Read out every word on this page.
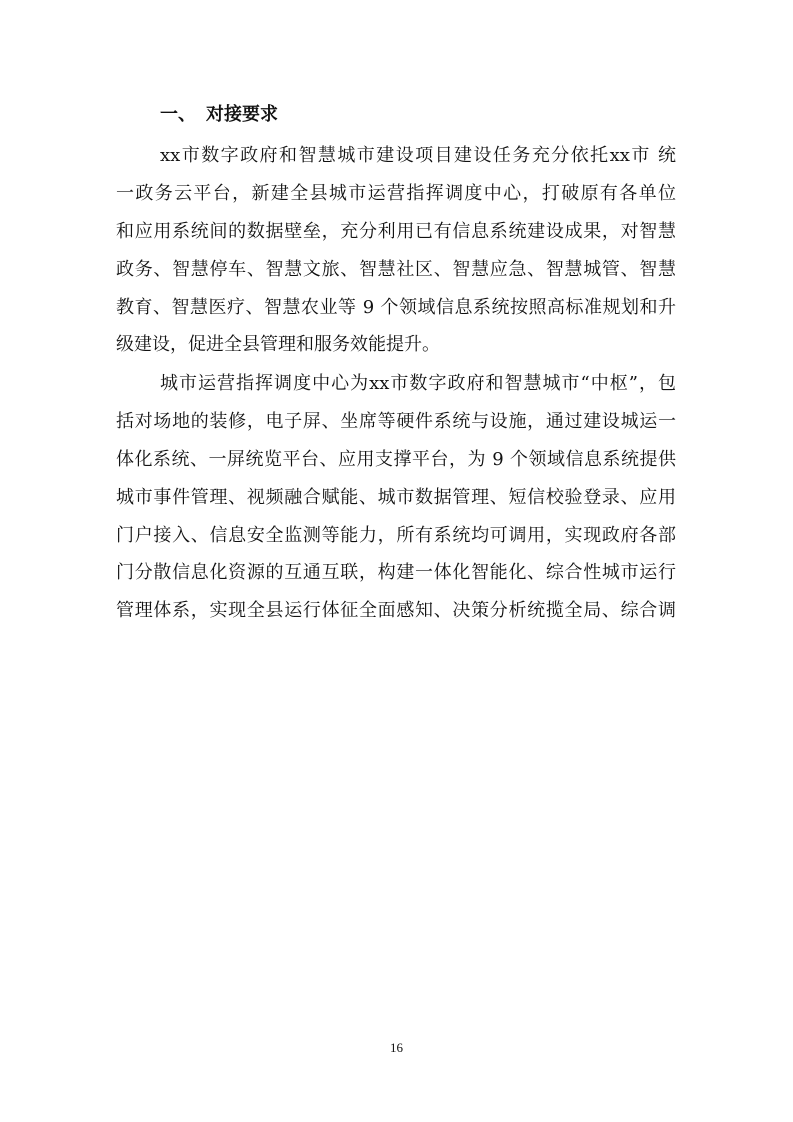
一、 对接要求
xx市数字政府和智慧城市建设项目建设任务充分依托xx市 统
一政务云平台，新建全县城市运营指挥调度中心，打破原有各单位
和应用系统间的数据壁垒，充分利用已有信息系统建设成果，对智慧
政务、智慧停车、智慧文旅、智慧社区、智慧应急、智慧城管、智慧
教育、智慧医疗、智慧农业等 9 个领域信息系统按照高标准规划和升
级建设，促进全县管理和服务效能提升。
城市运营指挥调度中心为xx市数字政府和智慧城市“中枢”，包
括对场地的装修，电子屏、坐席等硬件系统与设施，通过建设城运一
体化系统、一屏统览平台、应用支撑平台，为 9 个领域信息系统提供
城市事件管理、视频融合赋能、城市数据管理、短信校验登录、应用
门户接入、信息安全监测等能力，所有系统均可调用，实现政府各部
门分散信息化资源的互通互联，构建一体化智能化、综合性城市运行
管理体系，实现全县运行体征全面感知、决策分析统揽全局、综合调
16
